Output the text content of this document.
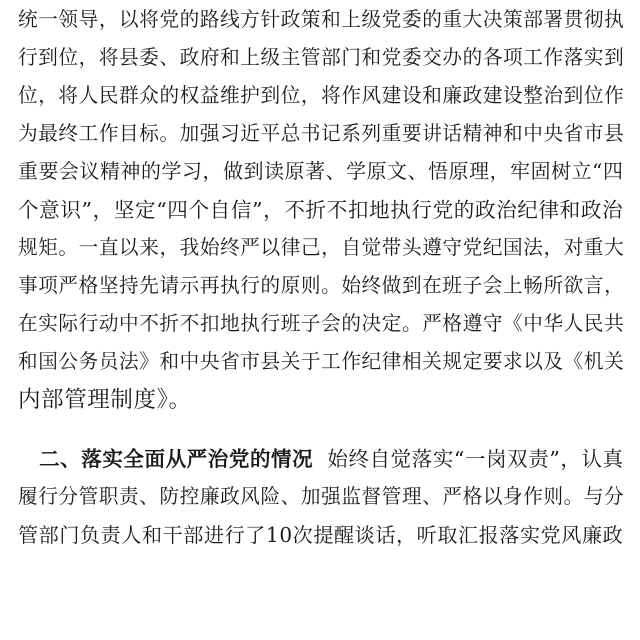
统一领导，以将党的路线方针政策和上级党委的重大决策部署贯彻执
行到位，将县委、政府和上级主管部门和党委交办的各项工作落实到
位，将人民群众的权益维护到位，将作风建设和廉政建设整治到位作
为最终工作目标。加强习近平总书记系列重要讲话精神和中央省市县
重要会议精神的学习，做到读原著、学原文、悟原理，牢固树立“四
个意识”，坚定“四个自信”，不折不扣地执行党的政治纪律和政治
规矩。一直以来，我始终严以律己，自觉带头遵守党纪国法，对重大
事项严格坚持先请示再执行的原则。始终做到在班子会上畅所欲言，
在实际行动中不折不扣地执行班子会的决定。严格遵守《中华人民共
和国公务员法》和中央省市县关于工作纪律相关规定要求以及《机关
内部管理制度》。
　二、落实全面从严治党的情况  始终自觉落实“一岗双责”，认真
履行分管职责、防控廉政风险、加强监督管理、严格以身作则。与分
管部门负责人和干部进行了10次提醒谈话，听取汇报落实党风廉政
